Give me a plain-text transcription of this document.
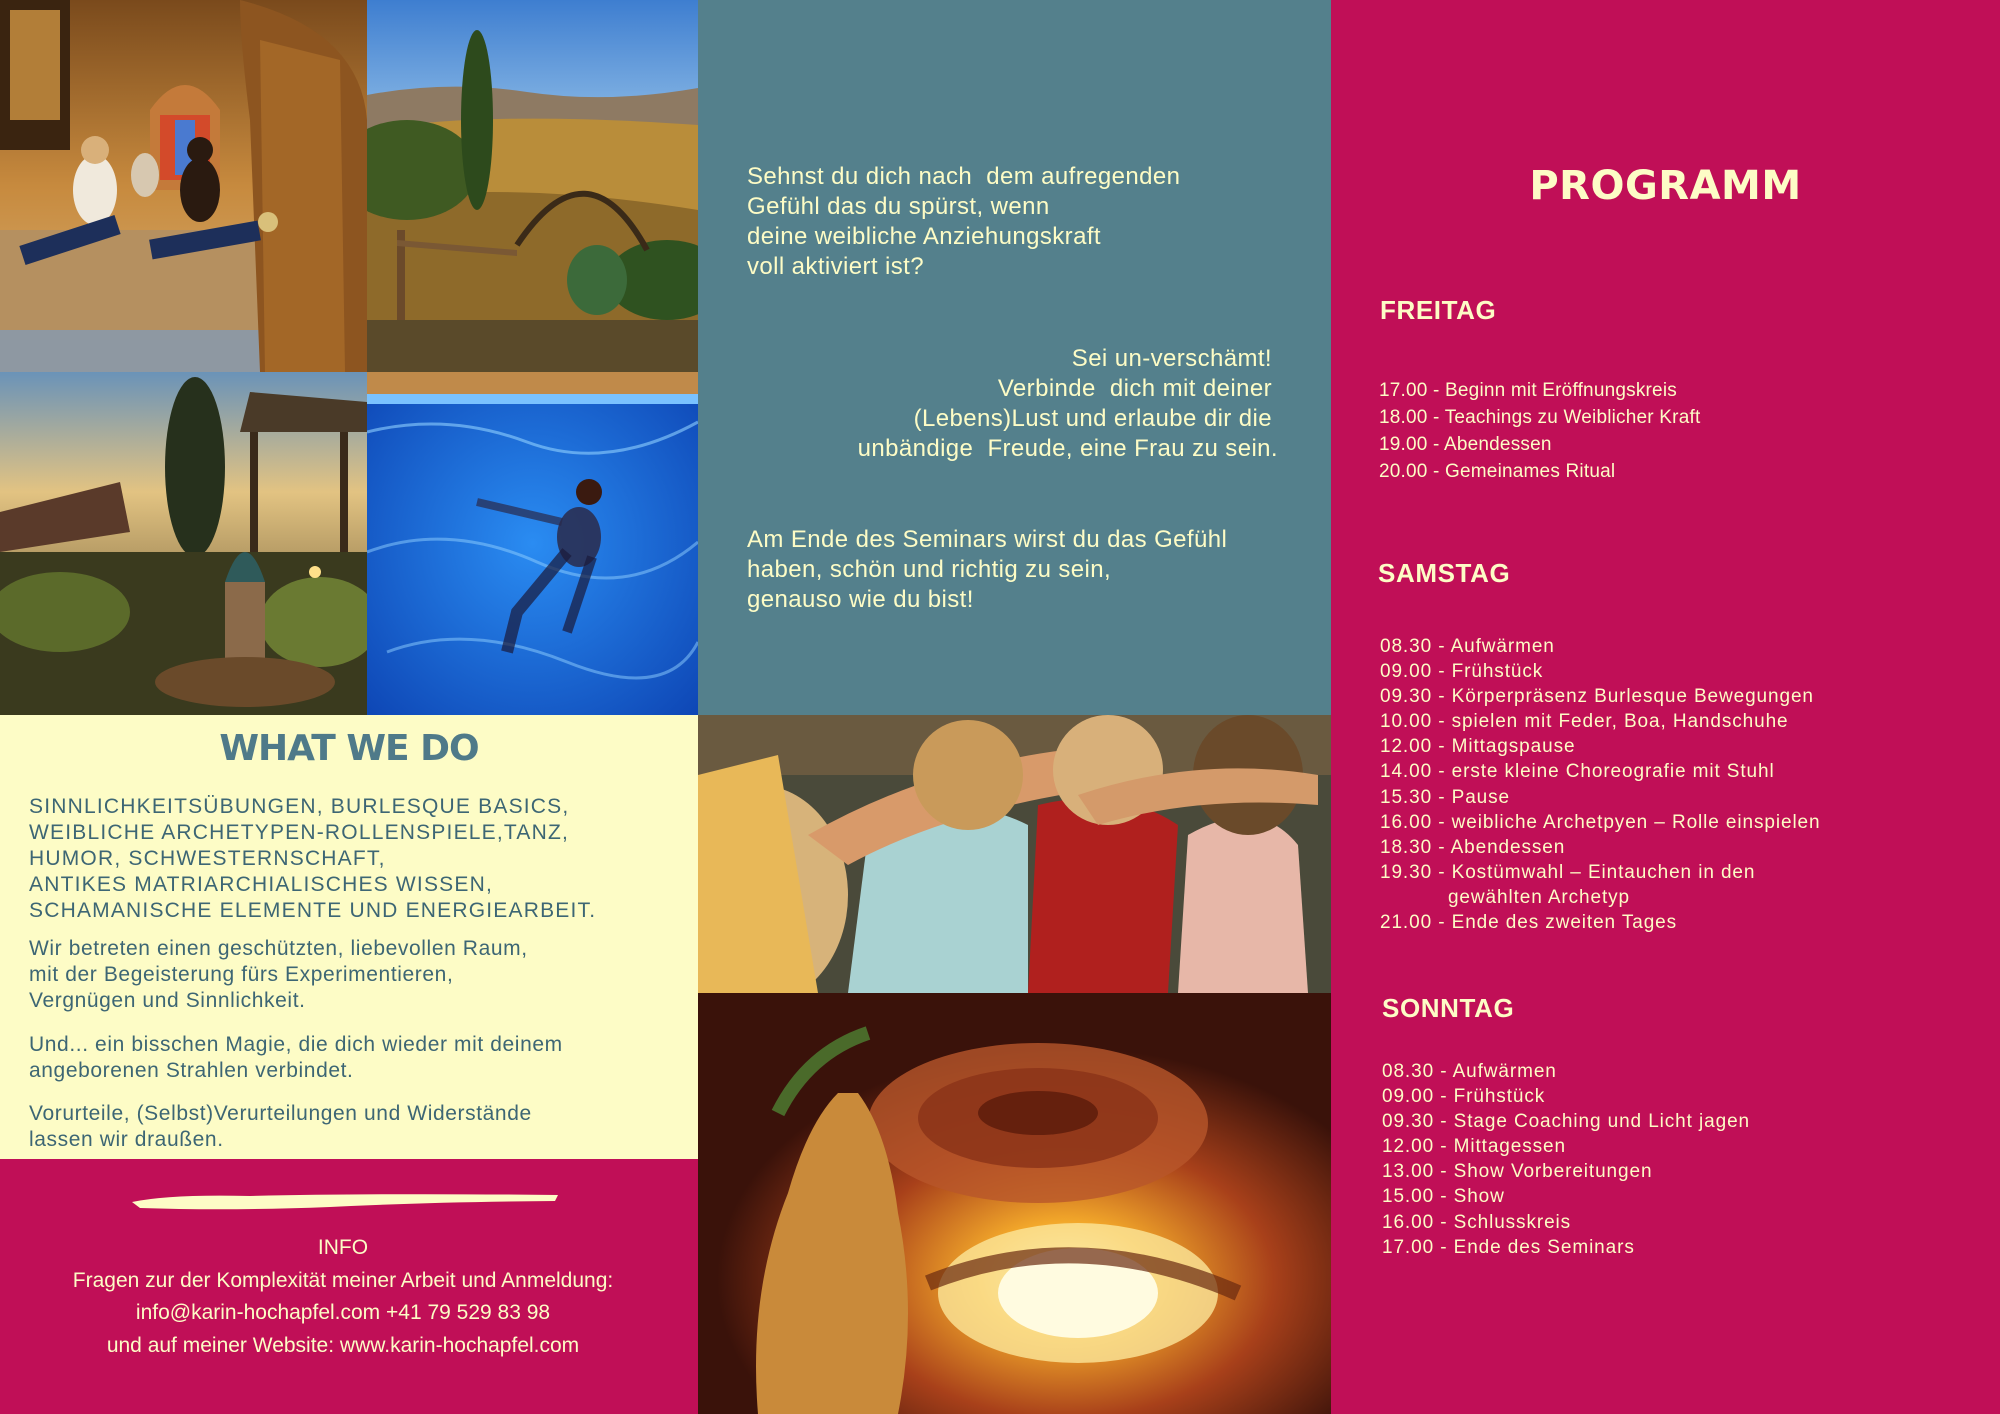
Sehnst du dich nach  dem aufregenden
Gefühl das du spürst, wenn
deine weibliche Anziehungskraft
voll aktiviert ist?
Sei un-verschämt!
Verbinde  dich mit deiner
(Lebens)Lust und erlaube dir die
unbändige  Freude, eine Frau zu sein.
Am Ende des Seminars wirst du das Gefühl
haben, schön und richtig zu sein,
genauso wie du bist!
WHAT WE DO
SINNLICHKEITSÜBUNGEN, BURLESQUE BASICS,
WEIBLICHE ARCHETYPEN-ROLLENSPIELE,TANZ,
HUMOR, SCHWESTERNSCHAFT,
ANTIKES MATRIARCHIALISCHES WISSEN,
SCHAMANISCHE ELEMENTE UND ENERGIEARBEIT.
Wir betreten einen geschützten, liebevollen Raum,
mit der Begeisterung fürs Experimentieren,
Vergnügen und Sinnlichkeit.
Und... ein bisschen Magie, die dich wieder mit deinem
angeborenen Strahlen verbindet.
Vorurteile, (Selbst)Verurteilungen und Widerstände
lassen wir draußen.
INFO
Fragen zur der Komplexität meiner Arbeit und Anmeldung:
info@karin-hochapfel.com +41 79 529 83 98
und auf meiner Website: www.karin-hochapfel.com
PROGRAMM
FREITAG
17.00 - Beginn mit Eröffnungskreis
18.00 - Teachings zu Weiblicher Kraft
19.00 - Abendessen
20.00 - Gemeinames Ritual
SAMSTAG
08.30 - Aufwärmen
09.00 - Frühstück
09.30 - Körperpräsenz Burlesque Bewegungen
10.00 - spielen mit Feder, Boa, Handschuhe
12.00 - Mittagspause
14.00 - erste kleine Choreografie mit Stuhl
15.30 - Pause
16.00 - weibliche Archetpyen – Rolle einspielen
18.30 - Abendessen
19.30 - Kostümwahl – Eintauchen in den
gewählten Archetyp
21.00 - Ende des zweiten Tages
SONNTAG
08.30 - Aufwärmen
09.00 - Frühstück
09.30 - Stage Coaching und Licht jagen
12.00 - Mittagessen
13.00 - Show Vorbereitungen
15.00 - Show
16.00 - Schlusskreis
17.00 - Ende des Seminars
